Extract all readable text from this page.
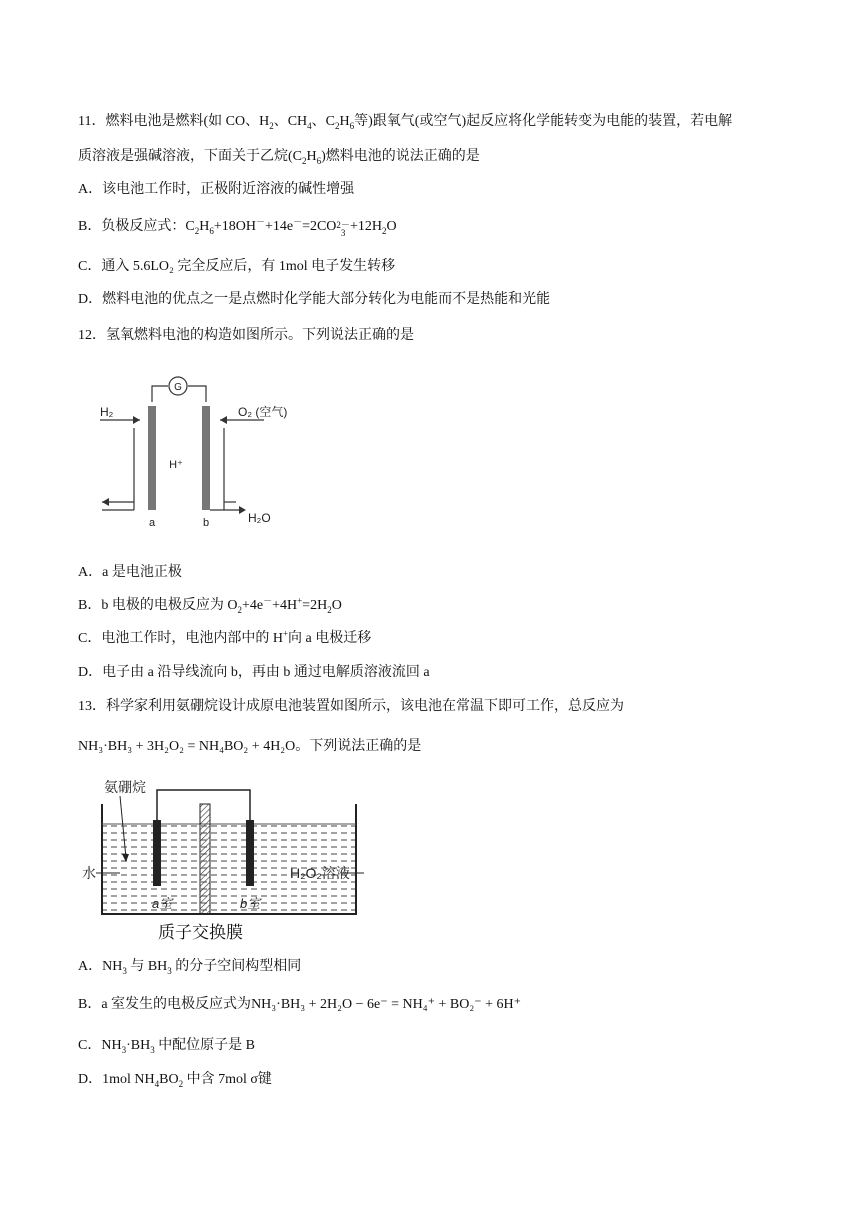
11．燃料电池是燃料(如 CO、$H_2$、$CH_4$、$C_2H_6$等)跟氧气(或空气)起反应将化学能转变为电能的装置，若电解
质溶液是强碱溶液，下面关于乙烷$(C_2H_6)$燃料电池的说法正确的是
A．该电池工作时，正极附近溶液的碱性增强
B．负极反应式：$C_2H_6+18OH^-+14e^-=2CO$ 2－
$3 +12H_2O$
C．通入 5.6LO₂ 完全反应后，有 1mol 电子发生转移
D．燃料电池的优点之一是点燃时化学能大部分转化为电能而不是热能和光能
12．氢氧燃料电池的构造如图所示。下列说法正确的是
G
H₂	O₂ (空气)
H₂O
H⁺
a	b
A．a 是电池正极
B．b 电极的电极反应为 $O_2+4e^-+4H^+=2H_2O$
C．电池工作时，电池内部中的 H+向 a 电极迁移
D．电子由 a 沿导线流向 b，再由 b 通过电解质溶液流回 a
13．科学家利用氨硼烷设计成原电池装置如图所示，该电池在常温下即可工作，总反应为
NH₃·BH₃ + 3H₂O₂ = NH₄BO₂ + 4H₂O。下列说法正确的是
氨硼烷
水	H₂O₂溶液
a室	b室
质子交换膜
A．$NH_3$ 与 $BH_3$ 的分子空间构型相同
B．a 室发生的电极反应式为NH₃·BH₃ + 2H₂O − 6e⁻ = NH₄⁺ + BO₂⁻ + 6H⁺
C．$NH_3\cdot BH_3$ 中配位原子是 B
D．1mol $NH_4BO_2$ 中含 7mol σ键
